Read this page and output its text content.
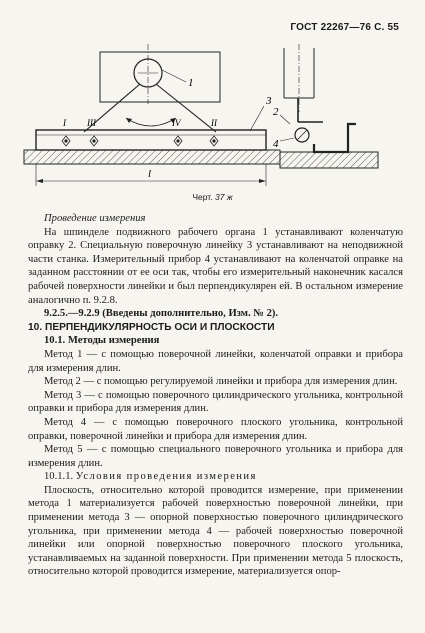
ГОСТ 22267—76 С. 55
1
3
I III	IV	II
l
2
4
Черт. 37 ж

Проведение измерения

На шпинделе подвижного рабочего органа 1 устанавливают коленчатую оправку 2. Специальную поверочную линейку 3 устанавливают на неподвижной части станка. Измерительный прибор 4 устанавливают на коленчатой оправке на заданном расстоянии от ее оси так, чтобы его измерительный наконечник касался рабочей поверхности линейки и был перпендикулярен ей. В остальном измерение аналогично п. 9.2.8.

9.2.5.—9.2.9 (Введены дополнительно, Изм. № 2).

10. ПЕРПЕНДИКУЛЯРНОСТЬ ОСИ И ПЛОСКОСТИ

10.1. Методы измерения

Метод 1 — с помощью поверочной линейки, коленчатой оправки и прибора для измерения длин.

Метод 2 — с помощью регулируемой линейки и прибора для измерения длин.

Метод 3 — с помощью поверочного цилиндрического угольника, контрольной оправки и прибора для измерения длин.

Метод 4 — с помощью поверочного плоского угольника, контрольной оправки, поверочной линейки и прибора для измерения длин.

Метод 5 — с помощью специального поверочного угольника и прибора для измерения длин.

10.1.1. Условия проведения измерения

Плоскость, относительно которой проводится измерение, при применении метода 1 материализуется рабочей поверхностью поверочной линейки, при применении метода 3 — опорной поверхностью поверочного цилиндрического угольника, при применении метода 4 — рабочей поверхностью поверочной линейки или опорной поверхностью поверочного плоского угольника, устанавливаемых на заданной поверхности. При применении метода 5 плоскость, относительно которой проводится измерение, материализуется опор-
